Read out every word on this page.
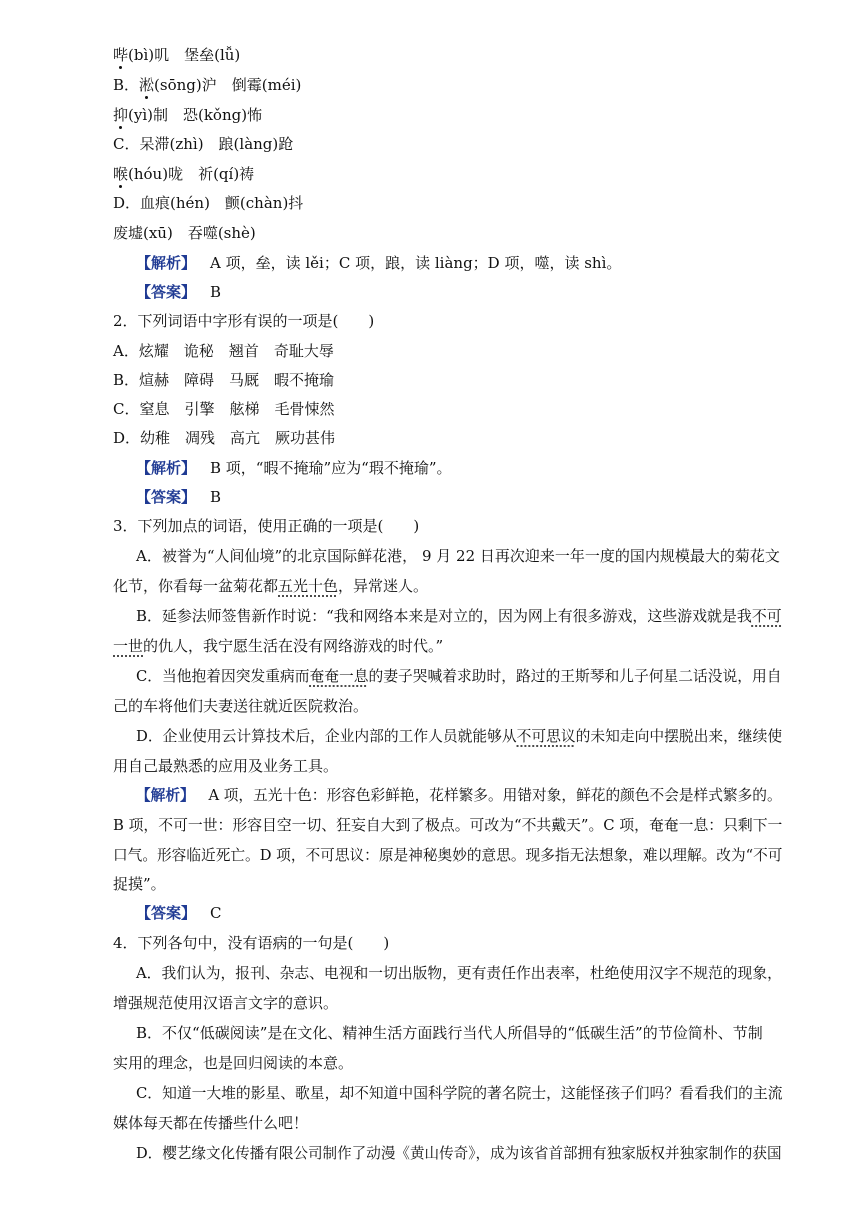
哔(bì)叽　堡垒(lǚ)
B．淞(sōng)沪　倒霉(méi)
抑(yì)制　恐(kǒng)怖
C．呆滞(zhì)　踉(làng)跄
喉(hóu)咙　祈(qí)祷
D．血痕(hén)　颤(chàn)抖
废墟(xū)　吞噬(shè)
【解析】 A 项，垒，读 lěi；C 项，踉，读 liàng；D 项，噬，读 shì。
【答案】 B
2．下列词语中字形有误的一项是(　　)
A．炫耀　诡秘　翘首　奇耻大辱
B．煊赫　障碍　马厩　暇不掩瑜
C．窒息　引擎　舷梯　毛骨悚然
D．幼稚　凋残　高亢　厥功甚伟
【解析】 B 项，“暇不掩瑜”应为“瑕不掩瑜”。
【答案】 B
3．下列加点的词语，使用正确的一项是(　　)
A．被誉为“人间仙境”的北京国际鲜花港， 9 月 22 日再次迎来一年一度的国内规模最大的菊花文
化节，你看每一盆菊花都五光十色，异常迷人。
B．延参法师签售新作时说：“我和网络本来是对立的，因为网上有很多游戏，这些游戏就是我不可
一世的仇人，我宁愿生活在没有网络游戏的时代。”
C．当他抱着因突发重病而奄奄一息的妻子哭喊着求助时，路过的王斯琴和儿子何星二话没说，用自
己的车将他们夫妻送往就近医院救治。
D．企业使用云计算技术后，企业内部的工作人员就能够从不可思议的未知走向中摆脱出来，继续使
用自己最熟悉的应用及业务工具。
【解析】 A 项，五光十色：形容色彩鲜艳，花样繁多。用错对象，鲜花的颜色不会是样式繁多的。
B 项，不可一世：形容目空一切、狂妄自大到了极点。可改为“不共戴天”。C 项，奄奄一息：只剩下一
口气。形容临近死亡。D 项，不可思议：原是神秘奥妙的意思。现多指无法想象，难以理解。改为“不可
捉摸”。
【答案】 C
4．下列各句中，没有语病的一句是(　　)
A．我们认为，报刊、杂志、电视和一切出版物，更有责任作出表率，杜绝使用汉字不规范的现象，
增强规范使用汉语言文字的意识。
B．不仅“低碳阅读”是在文化、精神生活方面践行当代人所倡导的“低碳生活”的节俭简朴、节制
实用的理念，也是回归阅读的本意。
C．知道一大堆的影星、歌星，却不知道中国科学院的著名院士，这能怪孩子们吗？看看我们的主流
媒体每天都在传播些什么吧！
D．樱艺缘文化传播有限公司制作了动漫《黄山传奇》，成为该省首部拥有独家版权并独家制作的获国
